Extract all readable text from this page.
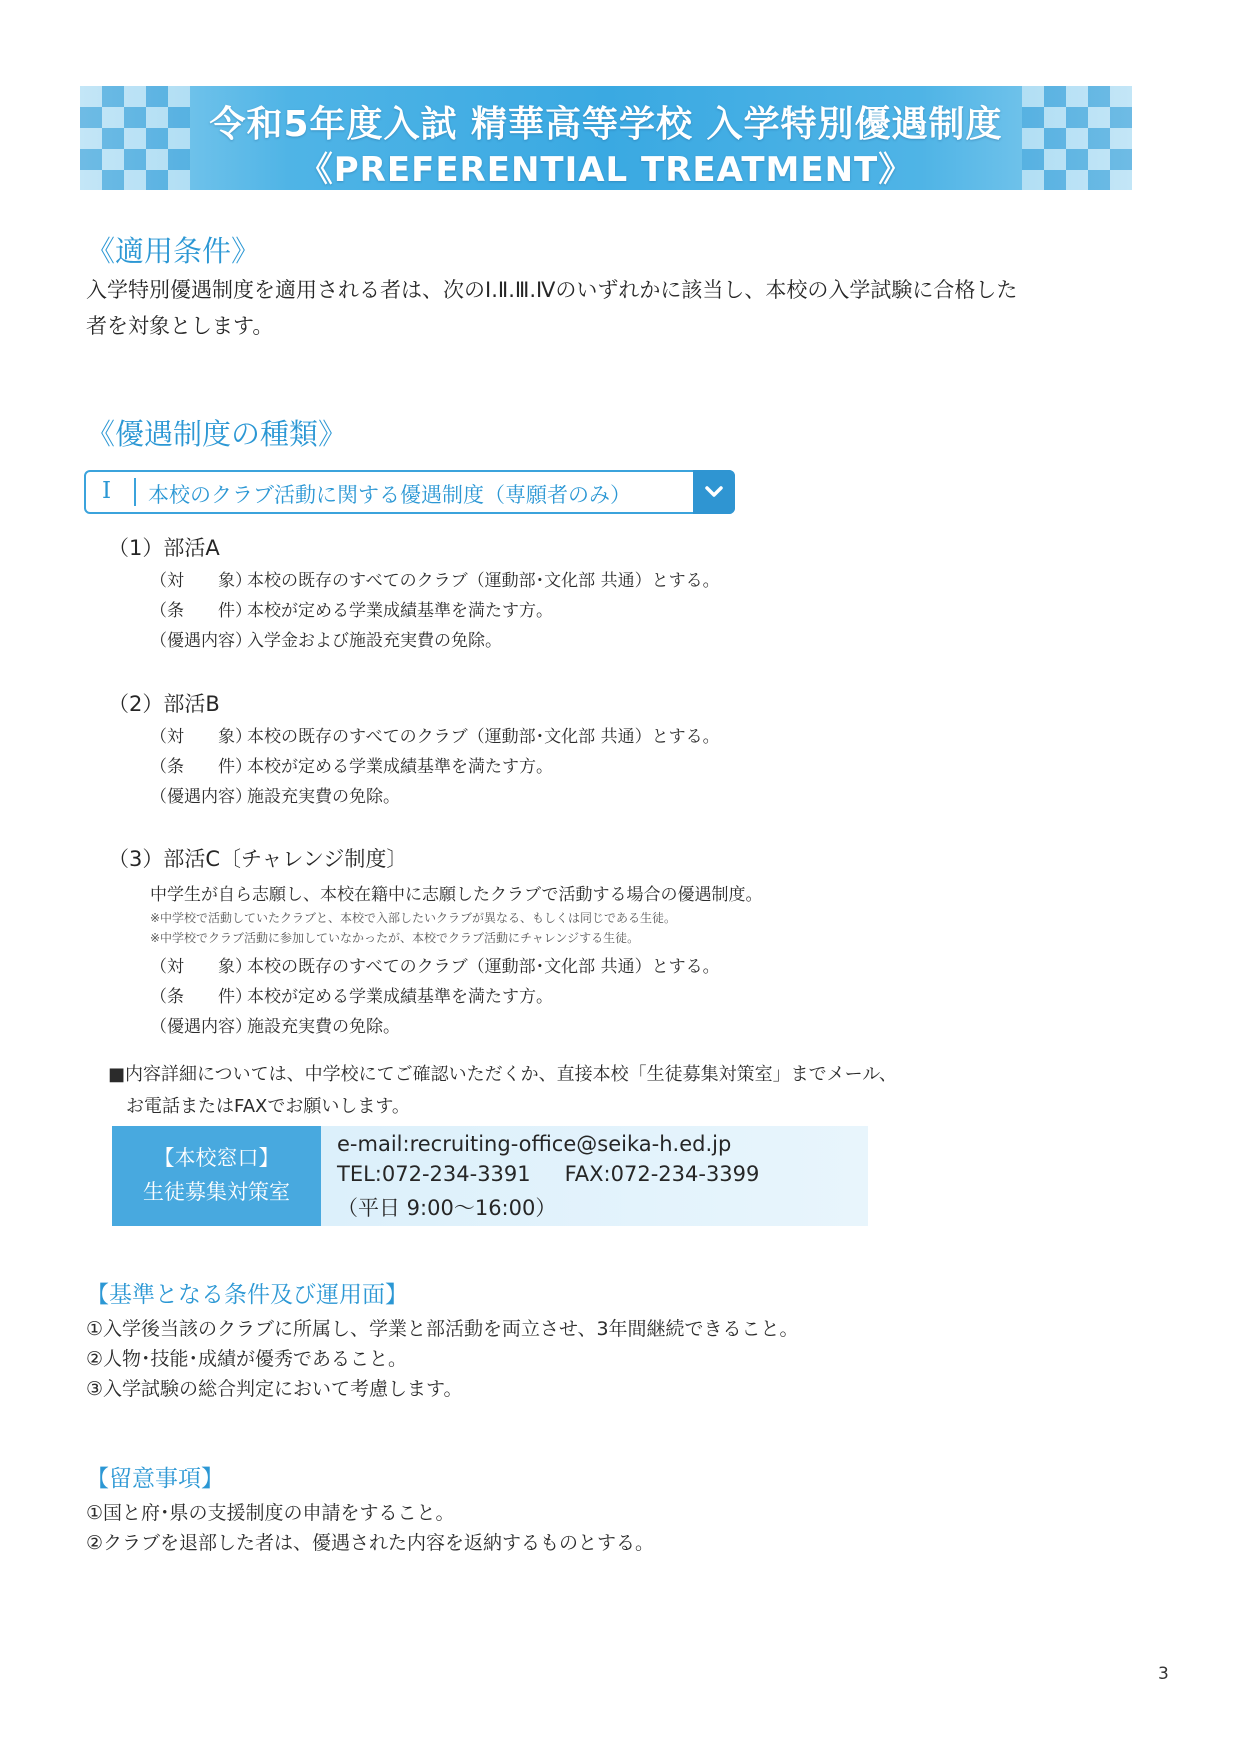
令和5年度入試 精華高等学校 入学特別優遇制度
《PREFERENTIAL TREATMENT》
《適用条件》
入学特別優遇制度を適用される者は、次のⅠ.Ⅱ.Ⅲ.Ⅳのいずれかに該当し、本校の入学試験に合格した
者を対象とします。
《優遇制度の種類》
Ⅰ 本校のクラブ活動に関する優遇制度（専願者のみ）
（1）部活A
（対　　象）本校の既存のすべてのクラブ（運動部･文化部 共通）とする。
（条　　件）本校が定める学業成績基準を満たす方。
（優遇内容）入学金および施設充実費の免除。
（2）部活B
（対　　象）本校の既存のすべてのクラブ（運動部･文化部 共通）とする。
（条　　件）本校が定める学業成績基準を満たす方。
（優遇内容）施設充実費の免除。
（3）部活C〔チャレンジ制度〕
中学生が自ら志願し、本校在籍中に志願したクラブで活動する場合の優遇制度。
※中学校で活動していたクラブと、本校で入部したいクラブが異なる、もしくは同じである生徒。
※中学校でクラブ活動に参加していなかったが、本校でクラブ活動にチャレンジする生徒。
（対　　象）本校の既存のすべてのクラブ（運動部･文化部 共通）とする。
（条　　件）本校が定める学業成績基準を満たす方。
（優遇内容）施設充実費の免除。
■内容詳細については、中学校にてご確認いただくか、直接本校「生徒募集対策室」までメール、
お電話またはFAXでお願いします。
【本校窓口】
生徒募集対策室
e-mail:recruiting-office@seika-h.ed.jp
TEL:072-234-3391 FAX:072-234-3399
（平日 9:00～16:00）
【基準となる条件及び運用面】
①入学後当該のクラブに所属し、学業と部活動を両立させ、3年間継続できること。
②人物･技能･成績が優秀であること。
③入学試験の総合判定において考慮します。
【留意事項】
①国と府･県の支援制度の申請をすること。
②クラブを退部した者は、優遇された内容を返納するものとする。
3
